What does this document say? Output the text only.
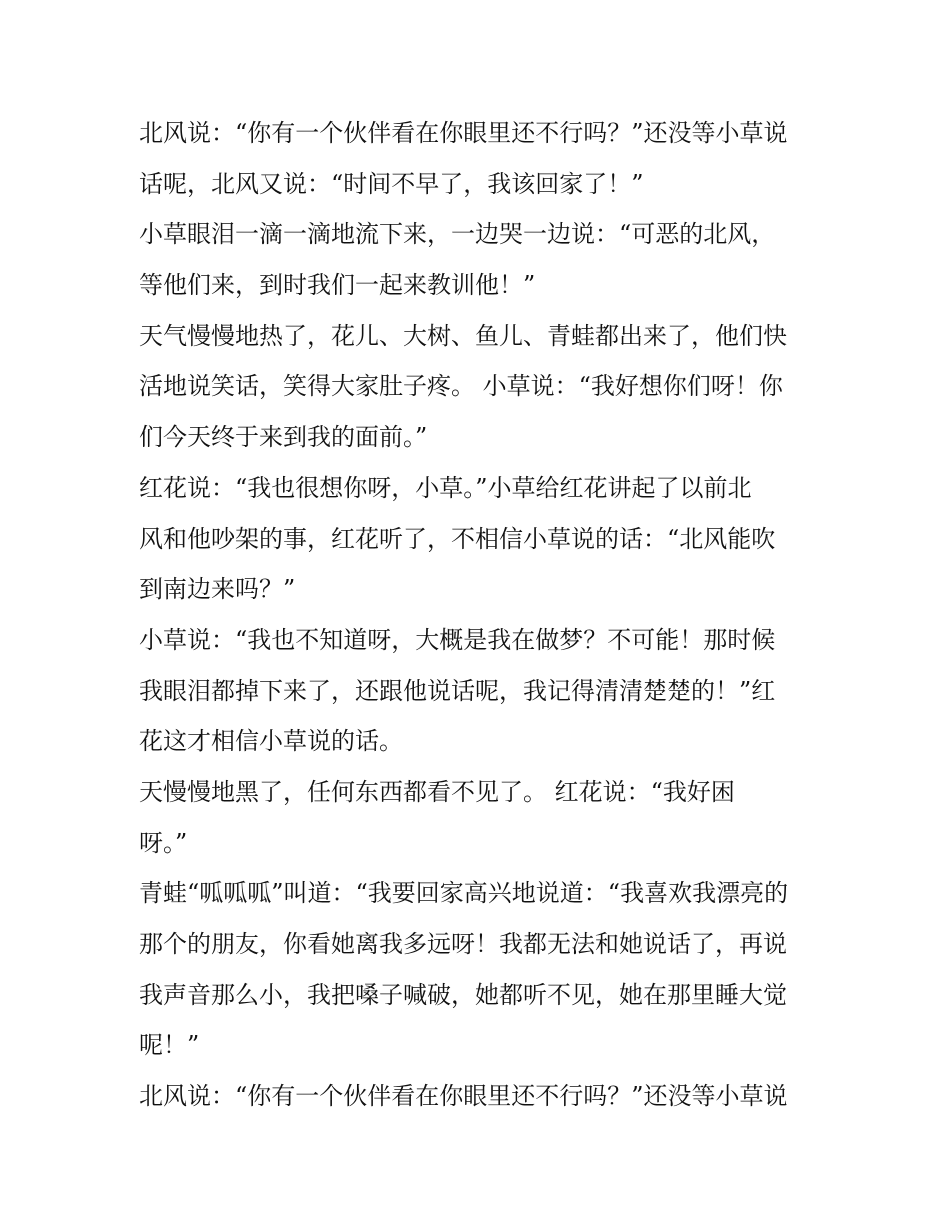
北风说：“你有一个伙伴看在你眼里还不行吗？”还没等小草说
话呢，北风又说：“时间不早了，我该回家了！”
小草眼泪一滴一滴地流下来，一边哭一边说：“可恶的北风，
等他们来，到时我们一起来教训他！”
天气慢慢地热了，花儿、大树、鱼儿、青蛙都出来了，他们快
活地说笑话，笑得大家肚子疼。 小草说：“我好想你们呀！你
们今天终于来到我的面前。”
红花说：“我也很想你呀，小草。”小草给红花讲起了以前北
风和他吵架的事，红花听了，不相信小草说的话：“北风能吹
到南边来吗？”
小草说：“我也不知道呀，大概是我在做梦？不可能！那时候
我眼泪都掉下来了，还跟他说话呢，我记得清清楚楚的！”红
花这才相信小草说的话。
天慢慢地黑了，任何东西都看不见了。 红花说：“我好困
呀。”
青蛙“呱呱呱”叫道：“我要回家高兴地说道：“我喜欢我漂亮的
那个的朋友，你看她离我多远呀！我都无法和她说话了，再说
我声音那么小，我把嗓子喊破，她都听不见，她在那里睡大觉
呢！”
北风说：“你有一个伙伴看在你眼里还不行吗？”还没等小草说
